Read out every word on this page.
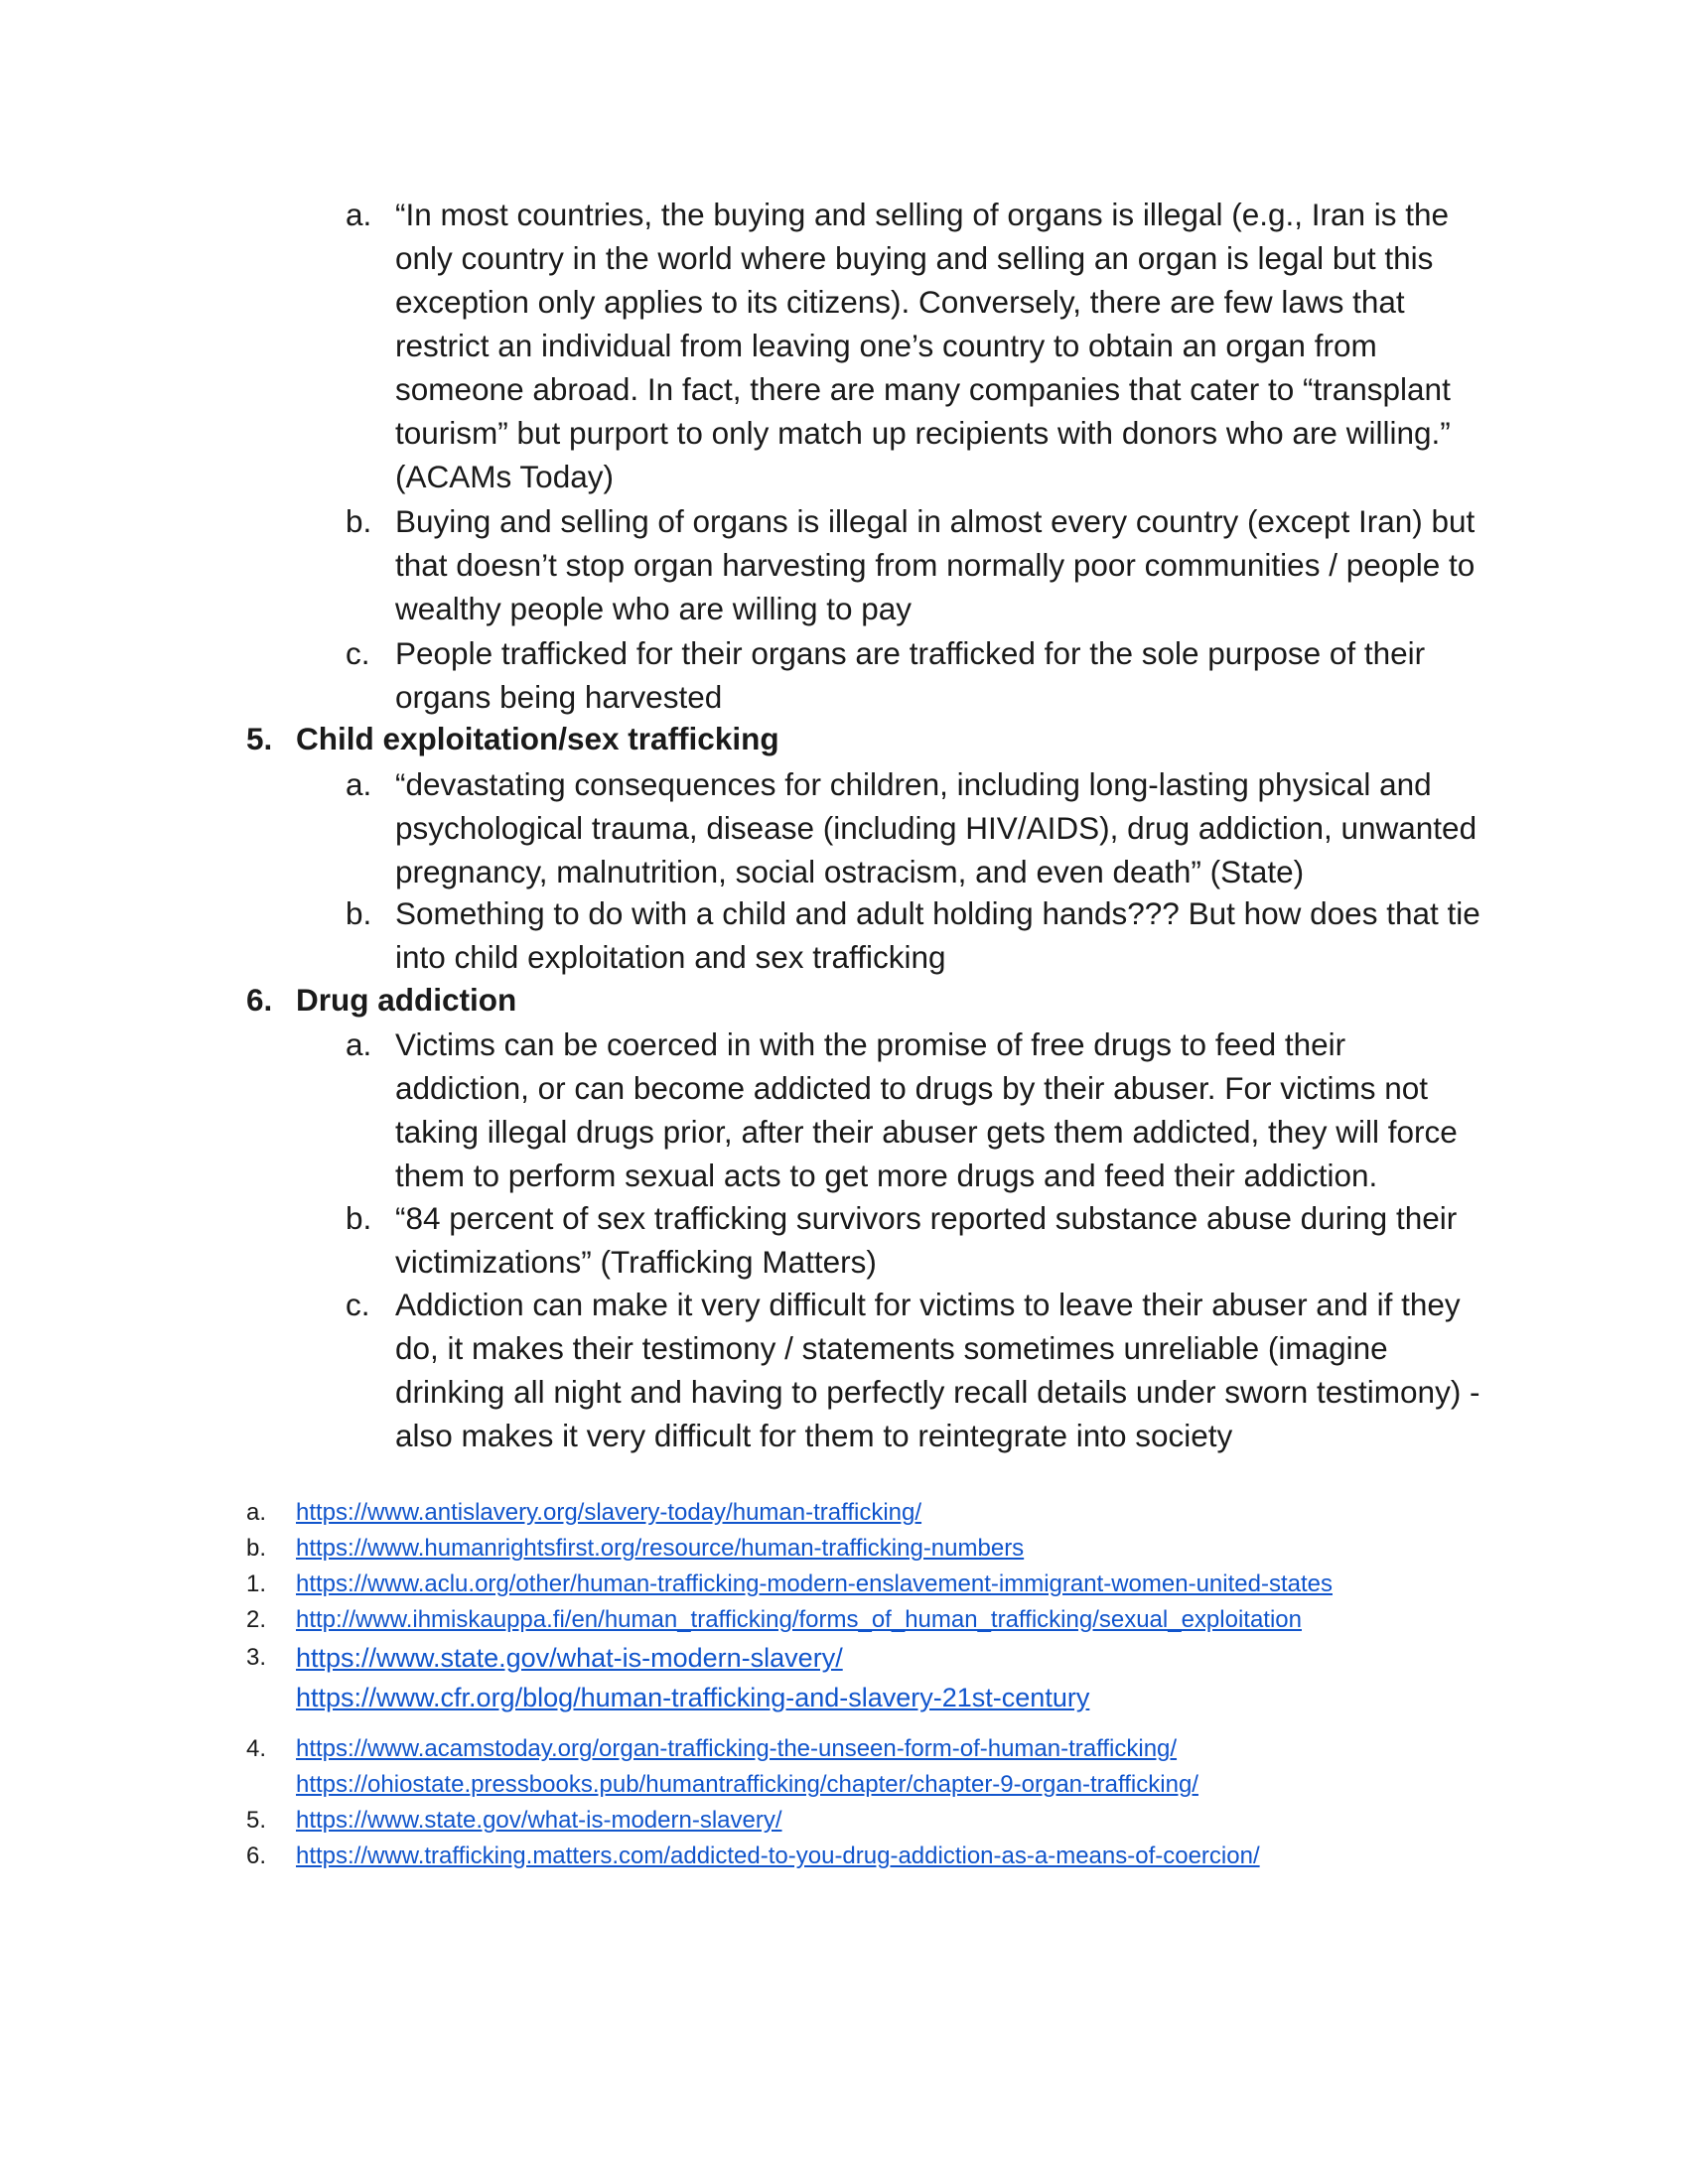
a. “In most countries, the buying and selling of organs is illegal (e.g., Iran is the only country in the world where buying and selling an organ is legal but this exception only applies to its citizens). Conversely, there are few laws that restrict an individual from leaving one’s country to obtain an organ from someone abroad. In fact, there are many companies that cater to “transplant tourism” but purport to only match up recipients with donors who are willing.” (ACAMs Today)
b. Buying and selling of organs is illegal in almost every country (except Iran) but that doesn’t stop organ harvesting from normally poor communities / people to wealthy people who are willing to pay
c. People trafficked for their organs are trafficked for the sole purpose of their organs being harvested
5. Child exploitation/sex trafficking
a. “devastating consequences for children, including long-lasting physical and psychological trauma, disease (including HIV/AIDS), drug addiction, unwanted pregnancy, malnutrition, social ostracism, and even death” (State)
b. Something to do with a child and adult holding hands??? But how does that tie into child exploitation and sex trafficking
6. Drug addiction
a. Victims can be coerced in with the promise of free drugs to feed their addiction, or can become addicted to drugs by their abuser. For victims not taking illegal drugs prior, after their abuser gets them addicted, they will force them to perform sexual acts to get more drugs and feed their addiction.
b. “84 percent of sex trafficking survivors reported substance abuse during their victimizations” (Trafficking Matters)
c. Addiction can make it very difficult for victims to leave their abuser and if they do, it makes their testimony / statements sometimes unreliable (imagine drinking all night and having to perfectly recall details under sworn testimony) - also makes it very difficult for them to reintegrate into society
a. https://www.antislavery.org/slavery-today/human-trafficking/
b. https://www.humanrightsfirst.org/resource/human-trafficking-numbers
1. https://www.aclu.org/other/human-trafficking-modern-enslavement-immigrant-women-united-states
2. http://www.ihmiskauppa.fi/en/human_trafficking/forms_of_human_trafficking/sexual_exploitation
3. https://www.state.gov/what-is-modern-slavery/
https://www.cfr.org/blog/human-trafficking-and-slavery-21st-century
4. https://www.acamstoday.org/organ-trafficking-the-unseen-form-of-human-trafficking/
https://ohiostate.pressbooks.pub/humantrafficking/chapter/chapter-9-organ-trafficking/
5. https://www.state.gov/what-is-modern-slavery/
6. https://www.trafficking.matters.com/addicted-to-you-drug-addiction-as-a-means-of-coercion/
